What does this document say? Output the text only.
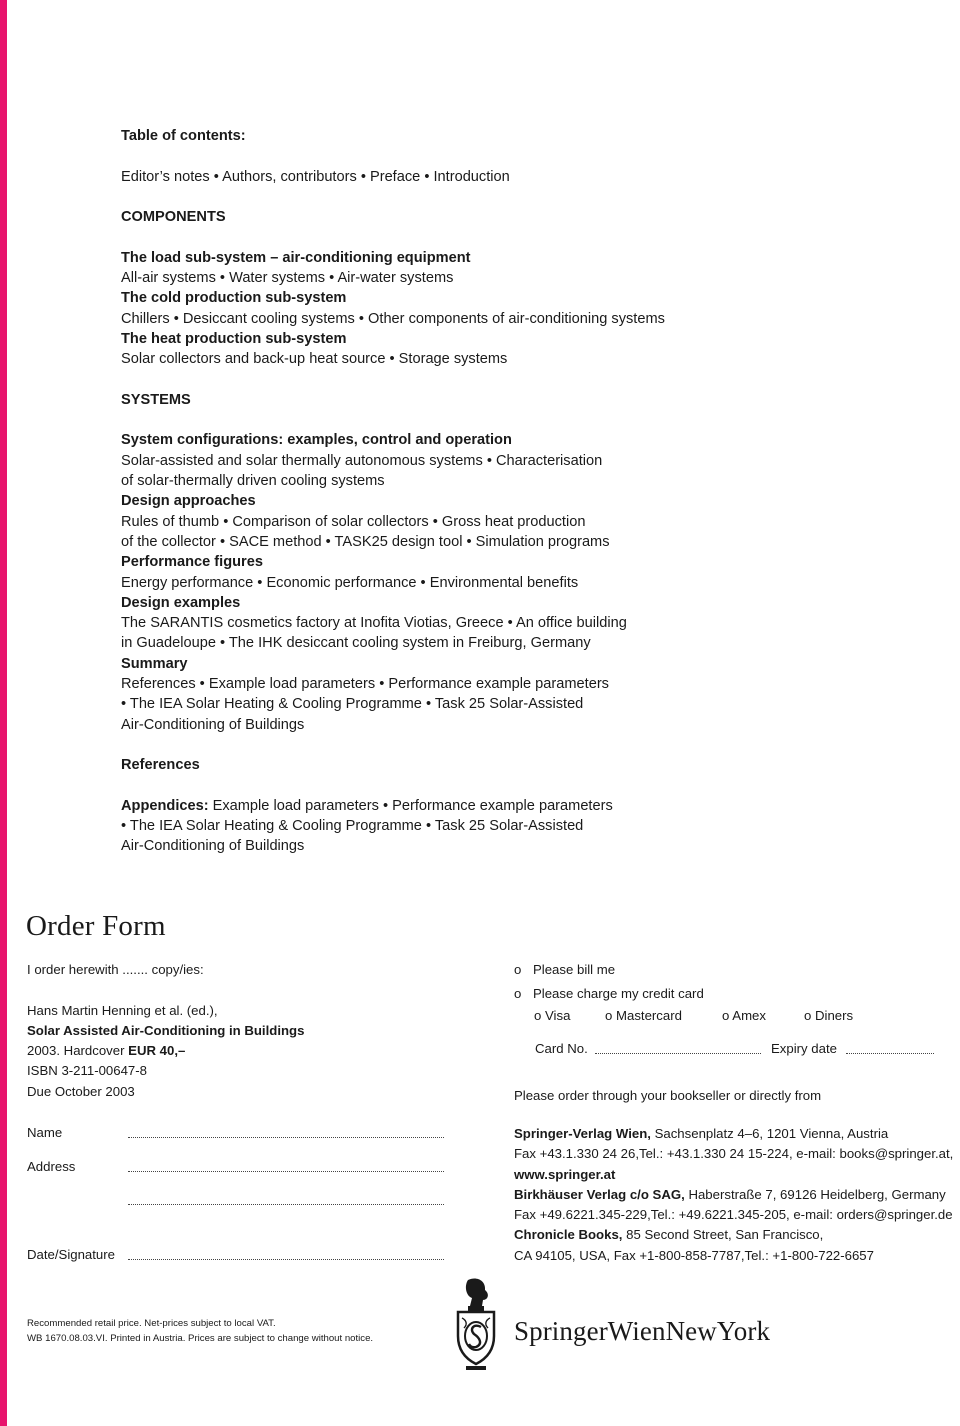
Table of contents:
Editor’s notes • Authors, contributors • Preface • Introduction
COMPONENTS
The load sub-system – air-conditioning equipment
All-air systems • Water systems • Air-water systems
The cold production sub-system
Chillers • Desiccant cooling systems • Other components of air-conditioning systems
The heat production sub-system
Solar collectors and back-up heat source • Storage systems
SYSTEMS
System configurations: examples, control and operation
Solar-assisted and solar thermally autonomous systems • Characterisation
of solar-thermally driven cooling systems
Design approaches
Rules of thumb • Comparison of solar collectors • Gross heat production
of the collector • SACE method • TASK25 design tool • Simulation programs
Performance figures
Energy performance • Economic performance • Environmental benefits
Design examples
The SARANTIS cosmetics factory at Inofita Viotias, Greece • An office building
in Guadeloupe • The IHK desiccant cooling system in Freiburg, Germany
Summary
References • Example load parameters • Performance example parameters
• The IEA Solar Heating & Cooling Programme • Task 25 Solar-Assisted
Air-Conditioning of Buildings
References
Appendices: Example load parameters • Performance example parameters
• The IEA Solar Heating & Cooling Programme • Task 25 Solar-Assisted
Air-Conditioning of Buildings
Order Form
I order herewith ....... copy/ies:
Hans Martin Henning et al. (ed.),
Solar Assisted Air-Conditioning in Buildings
2003. Hardcover EUR 40,–
ISBN 3-211-00647-8
Due October 2003
Name
Address
Date/Signature
o Please bill me
o Please charge my credit card
o Visa	o Mastercard	o Amex	o Diners
Card No.	Expiry date
Please order through your bookseller or directly from
Springer-Verlag Wien, Sachsenplatz 4–6, 1201 Vienna, Austria
Fax +43.1.330 24 26,Tel.: +43.1.330 24 15-224, e-mail: books@springer.at,
www.springer.at
Birkhäuser Verlag c/o SAG, Haberstraße 7, 69126 Heidelberg, Germany
Fax +49.6221.345-229,Tel.: +49.6221.345-205, e-mail: orders@springer.de
Chronicle Books, 85 Second Street, San Francisco,
CA 94105, USA, Fax +1-800-858-7787,Tel.: +1-800-722-6657
Recommended retail price. Net-prices subject to local VAT.
WB 1670.08.03.VI. Printed in Austria. Prices are subject to change without notice.	SpringerWienNewYork
